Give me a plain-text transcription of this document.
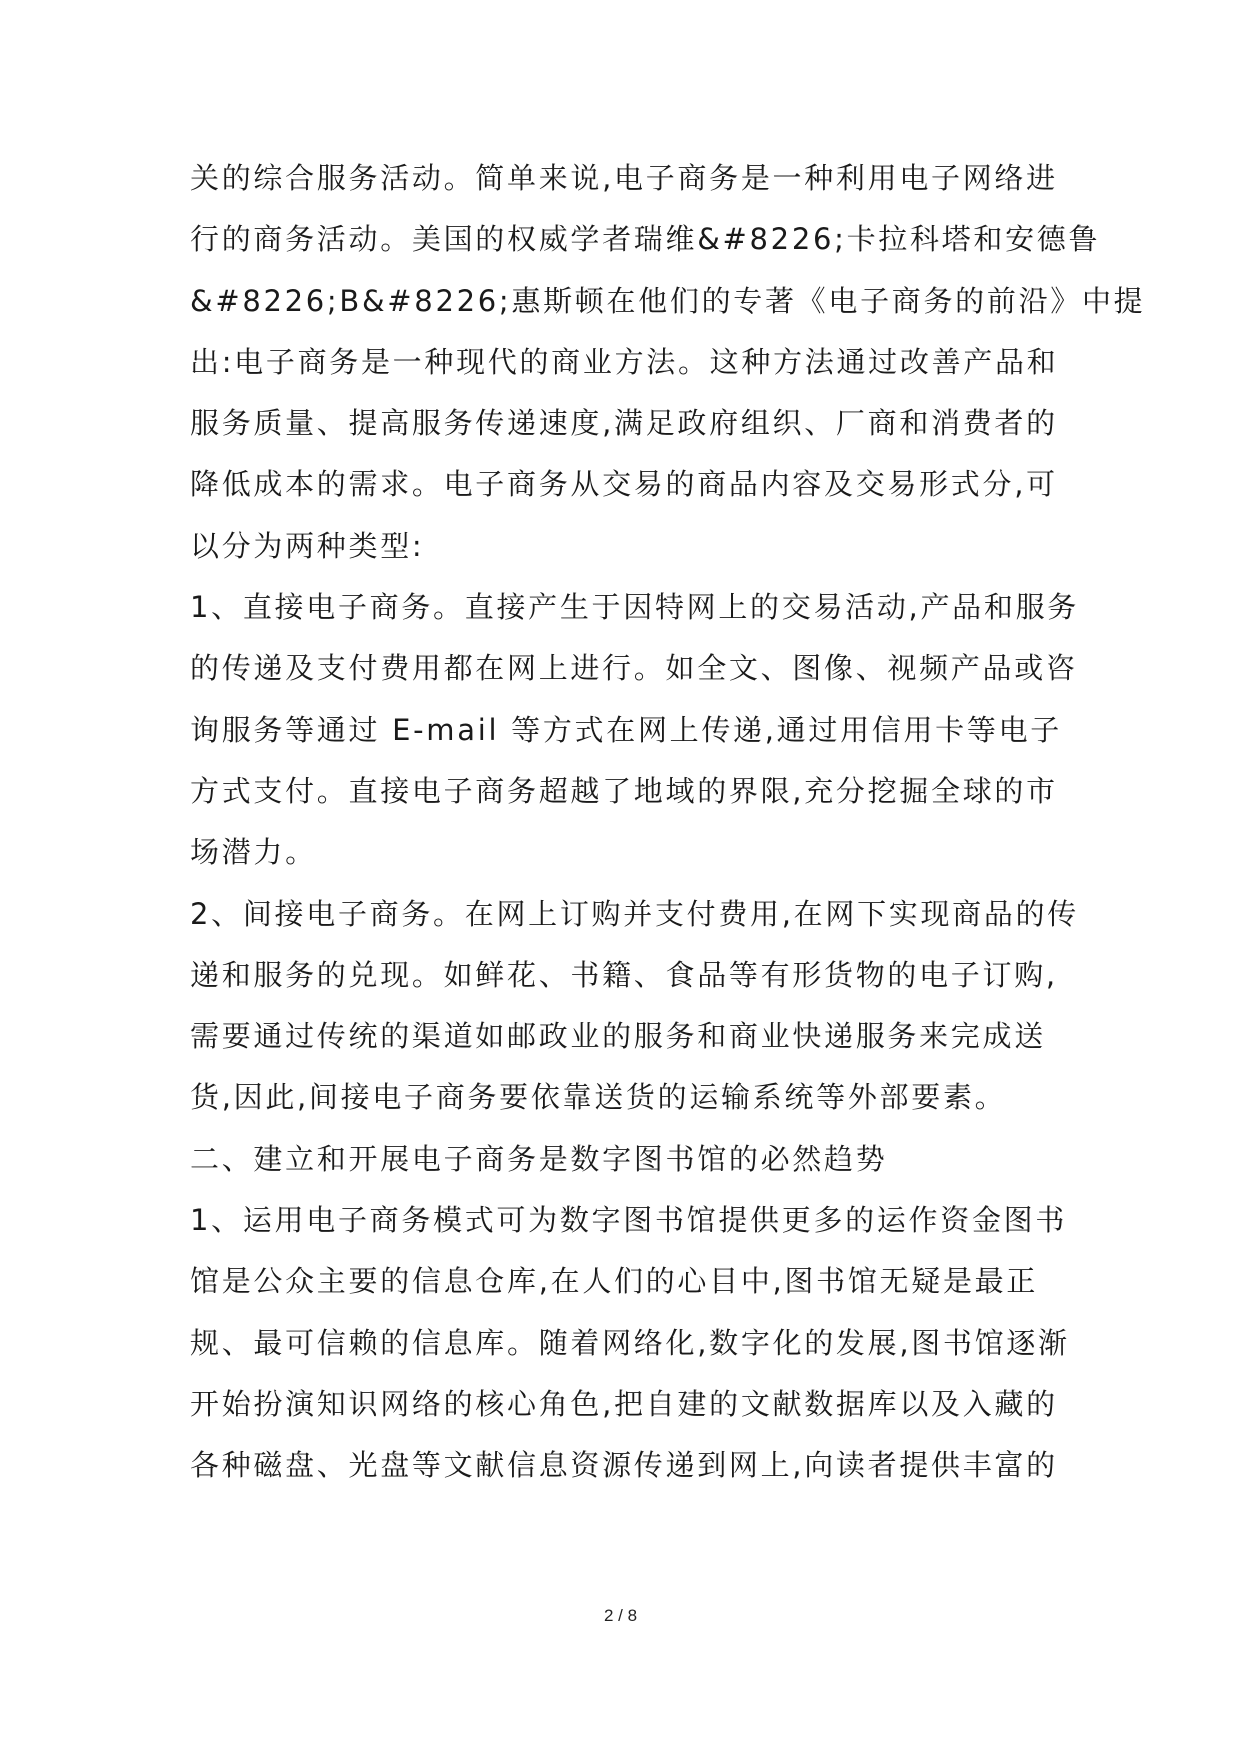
关的综合服务活动。简单来说,电子商务是一种利用电子网络进
行的商务活动。美国的权威学者瑞维&#8226;卡拉科塔和安德鲁
&#8226;B&#8226;惠斯顿在他们的专著《电子商务的前沿》中提
出:电子商务是一种现代的商业方法。这种方法通过改善产品和
服务质量、提高服务传递速度,满足政府组织、厂商和消费者的
降低成本的需求。电子商务从交易的商品内容及交易形式分,可
以分为两种类型:
1、直接电子商务。直接产生于因特网上的交易活动,产品和服务
的传递及支付费用都在网上进行。如全文、图像、视频产品或咨
询服务等通过 E-mail 等方式在网上传递,通过用信用卡等电子
方式支付。直接电子商务超越了地域的界限,充分挖掘全球的市
场潜力。
2、间接电子商务。在网上订购并支付费用,在网下实现商品的传
递和服务的兑现。如鲜花、书籍、食品等有形货物的电子订购,
需要通过传统的渠道如邮政业的服务和商业快递服务来完成送
货,因此,间接电子商务要依靠送货的运输系统等外部要素。
二、建立和开展电子商务是数字图书馆的必然趋势
1、运用电子商务模式可为数字图书馆提供更多的运作资金图书
馆是公众主要的信息仓库,在人们的心目中,图书馆无疑是最正
规、最可信赖的信息库。随着网络化,数字化的发展,图书馆逐渐
开始扮演知识网络的核心角色,把自建的文献数据库以及入藏的
各种磁盘、光盘等文献信息资源传递到网上,向读者提供丰富的
2 / 8
